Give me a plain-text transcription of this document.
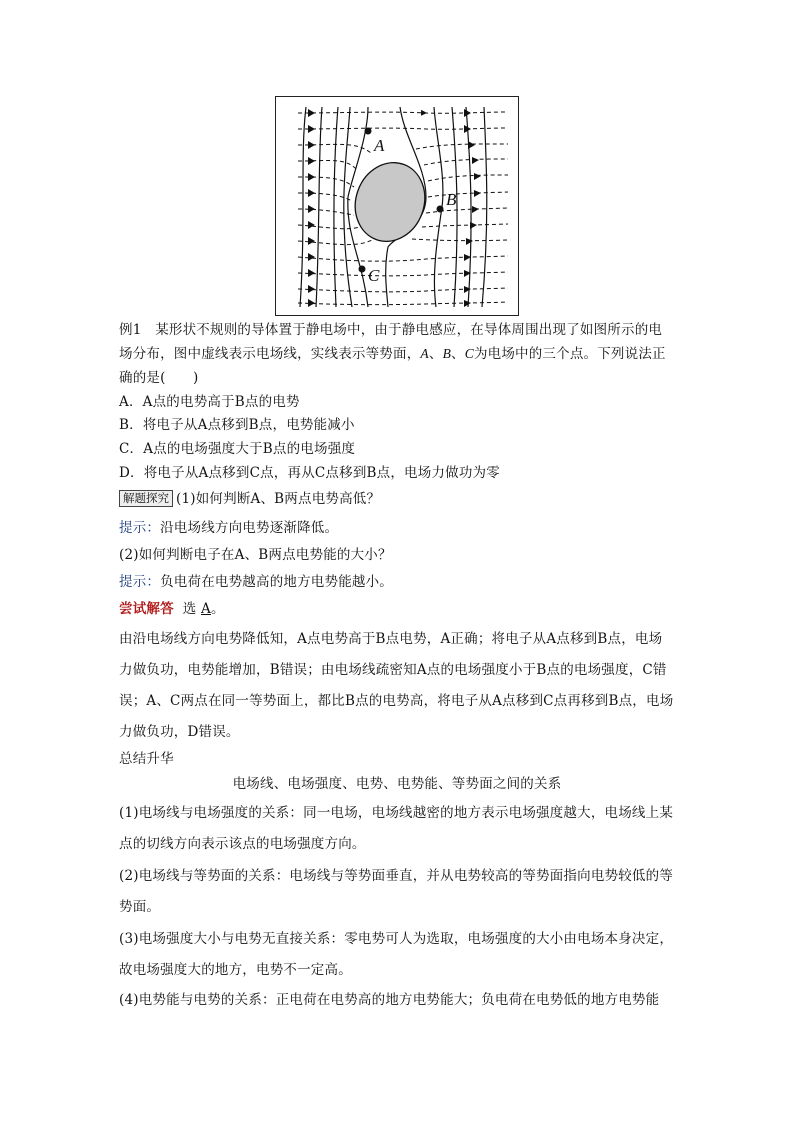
A
B
C
例1　某形状不规则的导体置于静电场中，由于静电感应，在导体周围出现了如图所示的电场分布，图中虚线表示电场线，实线表示等势面，A、B、C为电场中的三个点。下列说法正确的是(　　)
A．A点的电势高于B点的电势
B．将电子从A点移到B点，电势能减小
C．A点的电场强度大于B点的电场强度
D．将电子从A点移到C点，再从C点移到B点，电场力做功为零
解题探究 (1)如何判断A、B两点电势高低？
提示：沿电场线方向电势逐渐降低。
(2)如何判断电子在A、B两点电势能的大小？
提示：负电荷在电势越高的地方电势能越小。
尝试解答 选 A。
由沿电场线方向电势降低知，A点电势高于B点电势，A正确；将电子从A点移到B点，电场力做负功，电势能增加，B错误；由电场线疏密知A点的电场强度小于B点的电场强度，C错误；A、C两点在同一等势面上，都比B点的电势高，将电子从A点移到C点再移到B点，电场力做负功，D错误。
总结升华
电场线、电场强度、电势、电势能、等势面之间的关系
(1)电场线与电场强度的关系：同一电场，电场线越密的地方表示电场强度越大，电场线上某点的切线方向表示该点的电场强度方向。
(2)电场线与等势面的关系：电场线与等势面垂直，并从电势较高的等势面指向电势较低的等势面。
(3)电场强度大小与电势无直接关系：零电势可人为选取，电场强度的大小由电场本身决定，故电场强度大的地方，电势不一定高。
(4)电势能与电势的关系：正电荷在电势高的地方电势能大；负电荷在电势低的地方电势能
